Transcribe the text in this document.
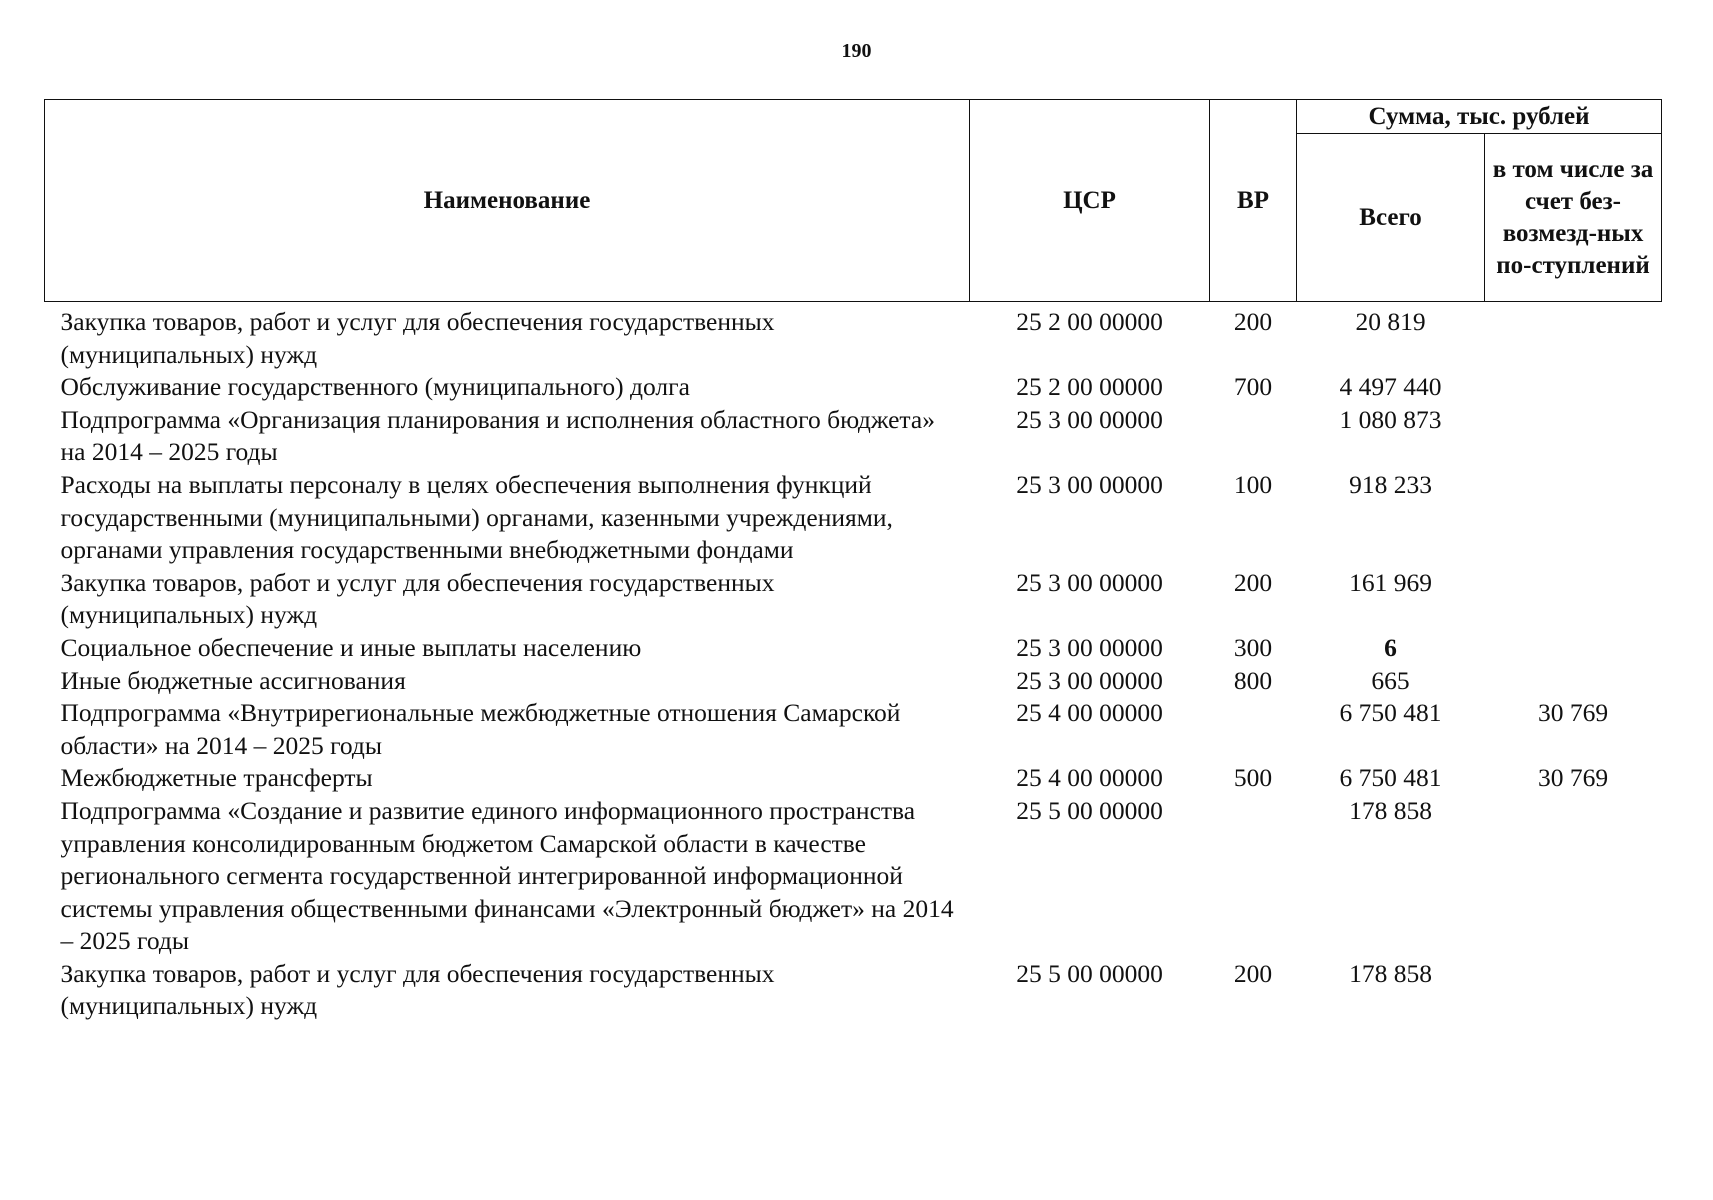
190
Наименование	ЦСР	ВР	Сумма, тыс. рублей	
			Всего	в том числе за счет без-возмезд-ных по-ступлений
Закупка товаров, работ и услуг для обеспечения государственных (муниципальных) нужд	25 2 00 00000	200	20 819	
Обслуживание государственного (муниципального) долга	25 2 00 00000	700	4 497 440	
Подпрограмма «Организация планирования и исполнения областного бюджета» на 2014 – 2025 годы	25 3 00 00000		1 080 873	
Расходы на выплаты персоналу в целях обеспечения выполнения функций государственными (муниципальными) органами, казенными учреждениями, органами управления государственными внебюджетными фондами	25 3 00 00000	100	918 233	
Закупка товаров, работ и услуг для обеспечения государственных (муниципальных) нужд	25 3 00 00000	200	161 969	
Социальное обеспечение и иные выплаты населению	25 3 00 00000	300	6	
Иные бюджетные ассигнования	25 3 00 00000	800	665	
Подпрограмма «Внутрирегиональные межбюджетные отношения Самарской области» на 2014 – 2025 годы	25 4 00 00000		6 750 481	30 769
Межбюджетные трансферты	25 4 00 00000	500	6 750 481	30 769
Подпрограмма «Создание и развитие единого информационного пространства управления консолидированным бюджетом Самарской области в качестве регионального сегмента государственной интегрированной информационной системы управления общественными финансами «Электронный бюджет» на 2014 – 2025 годы	25 5 00 00000		178 858	
Закупка товаров, работ и услуг для обеспечения государственных (муниципальных) нужд	25 5 00 00000	200	178 858	
